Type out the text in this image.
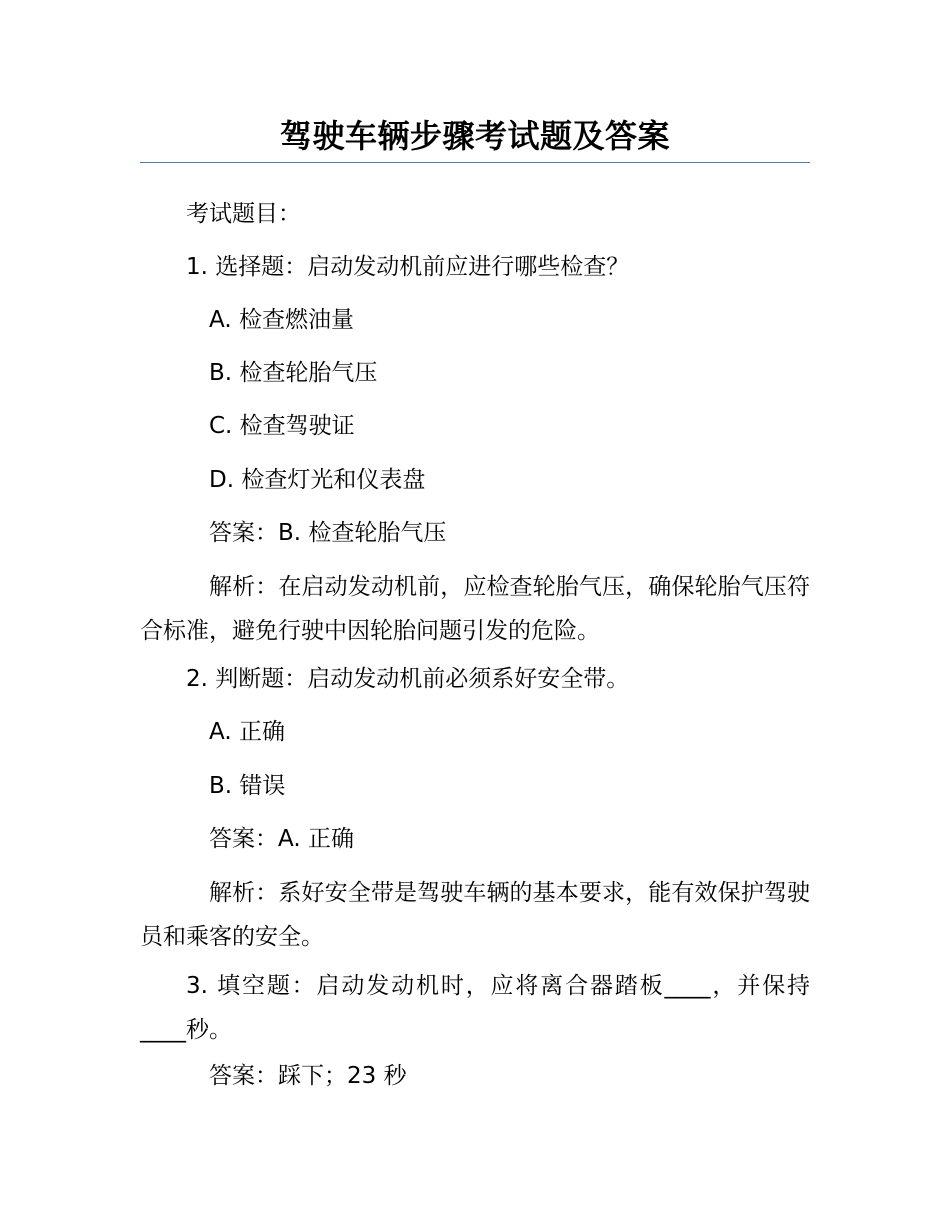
驾驶车辆步骤考试题及答案
考试题目：
1. 选择题：启动发动机前应进行哪些检查？
A. 检查燃油量
B. 检查轮胎气压
C. 检查驾驶证
D. 检查灯光和仪表盘
答案：B. 检查轮胎气压
解析：在启动发动机前，应检查轮胎气压，确保轮胎气压符合标准，避免行驶中因轮胎问题引发的危险。
2. 判断题：启动发动机前必须系好安全带。
A. 正确
B. 错误
答案：A. 正确
解析：系好安全带是驾驶车辆的基本要求，能有效保护驾驶员和乘客的安全。
3. 填空题：启动发动机时，应将离合器踏板____，并保持____秒。
答案：踩下；23 秒
